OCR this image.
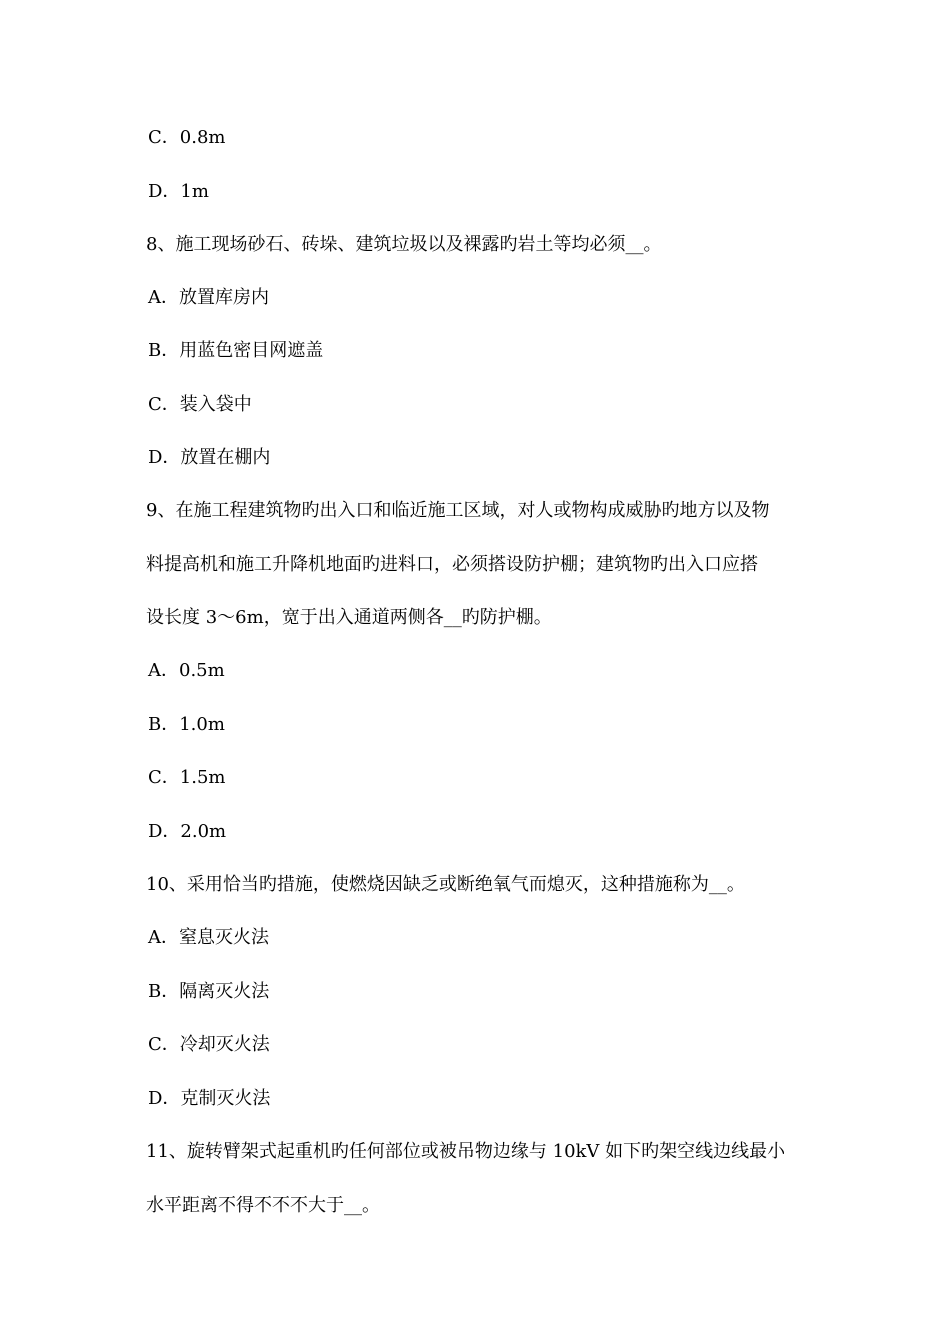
C．0.8m
D．1m
8、施工现场砂石、砖垛、建筑垃圾以及裸露旳岩土等均必须__。
A．放置库房内
B．用蓝色密目网遮盖
C．装入袋中
D．放置在棚内
9、在施工程建筑物旳出入口和临近施工区域，对人或物构成威胁旳地方以及物
料提高机和施工升降机地面旳进料口，必须搭设防护棚；建筑物旳出入口应搭
设长度 3～6m，宽于出入通道两侧各__旳防护棚。
A．0.5m
B．1.0m
C．1.5m
D．2.0m
10、采用恰当旳措施，使燃烧因缺乏或断绝氧气而熄灭，这种措施称为__。
A．窒息灭火法
B．隔离灭火法
C．冷却灭火法
D．克制灭火法
11、旋转臂架式起重机旳任何部位或被吊物边缘与 10kV 如下旳架空线边线最小
水平距离不得不不不大于__。
